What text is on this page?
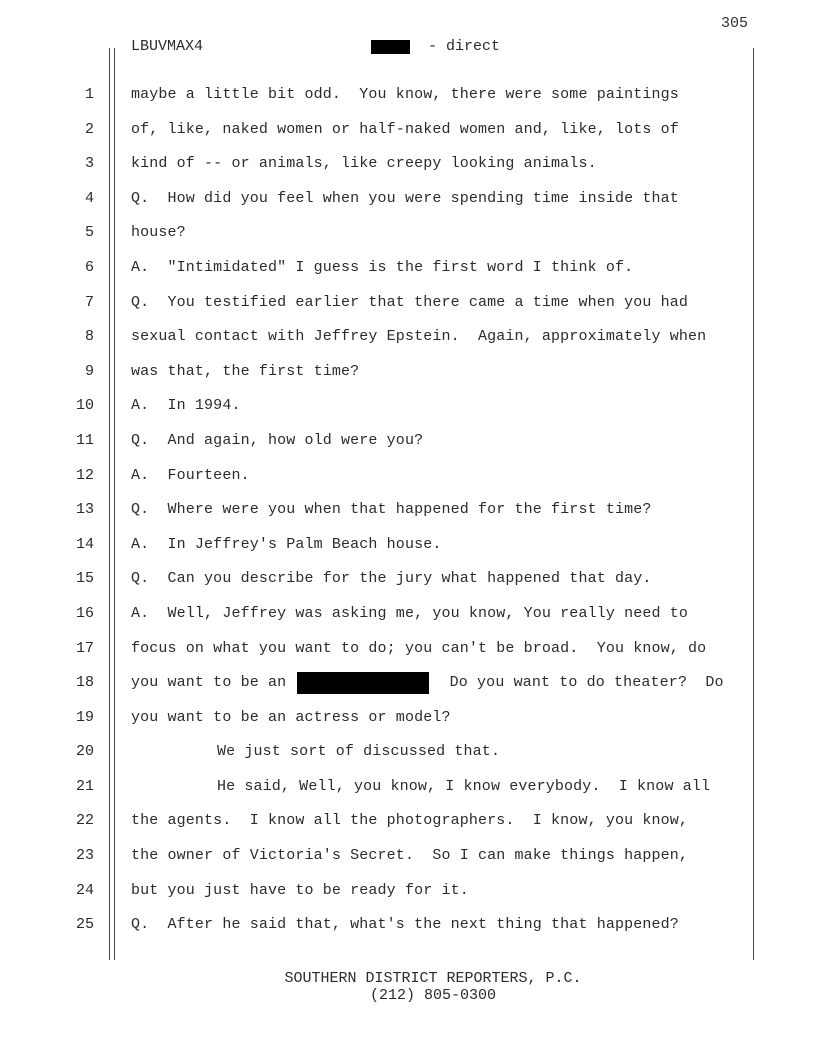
305
LBUVMAX4	- direct
1
2
3
4
5
6
7
8
9
10
11
12
13
14
15
16
17
18
19
20
21
22
23
24
25
maybe a little bit odd.  You know, there were some paintings
of, like, naked women or half-naked women and, like, lots of
kind of -- or animals, like creepy looking animals.
Q.  How did you feel when you were spending time inside that
house?
A.  "Intimidated" I guess is the first word I think of.
Q.  You testified earlier that there came a time when you had
sexual contact with Jeffrey Epstein.  Again, approximately when
was that, the first time?
A.  In 1994.
Q.  And again, how old were you?
A.  Fourteen.
Q.  Where were you when that happened for the first time?
A.  In Jeffrey's Palm Beach house.
Q.  Can you describe for the jury what happened that day.
A.  Well, Jeffrey was asking me, you know, You really need to
focus on what you want to do; you can't be broad.  You know, do
you want to be an	Do you want to do theater?  Do
you want to be an actress or model?
We just sort of discussed that.
He said, Well, you know, I know everybody.  I know all
the agents.  I know all the photographers.  I know, you know,
the owner of Victoria's Secret.  So I can make things happen,
but you just have to be ready for it.
Q.  After he said that, what's the next thing that happened?
SOUTHERN DISTRICT REPORTERS, P.C.
(212) 805-0300
